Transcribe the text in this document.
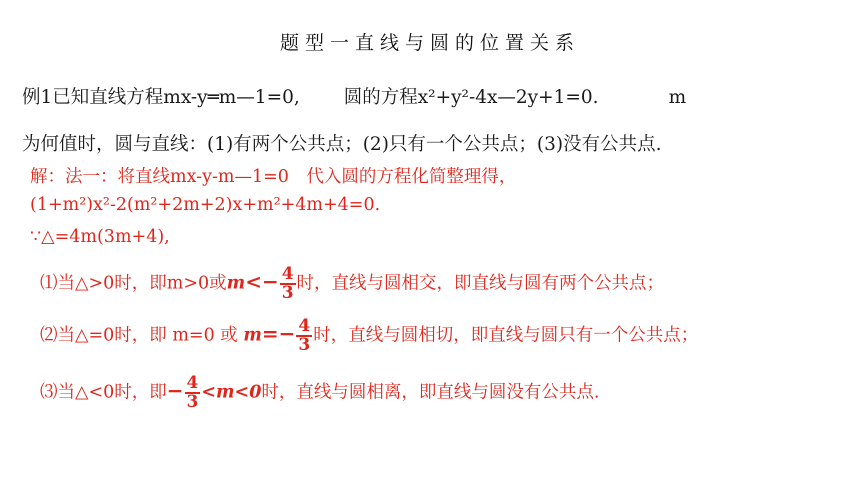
题型一直线与圆的位置关系
例1已知直线方程mx-y═m—1=0, 圆的方程x²+y²-4x—2y+1=0.	m
为何值时，圆与直线：(1)有两个公共点；(2)只有一个公共点；(3)没有公共点.
解：法一：将直线mx-y-m—1=0　代入圆的方程化简整理得，
(1+m²)x²-2(m²+2m+2)x+m²+4m+4=0.
∵△=4m(3m+4),
⑴当△>0时，即m>0或$m<- \frac{4}{3}$ 时，直线与圆相交，即直线与圆有两个公共点；
⑵当△=0时，即 m=0 或 $m=- \frac{4}{3}$ 时，直线与圆相切，即直线与圆只有一个公共点；
⑶当△<0时，即− $\frac{4}{3} <m<0$时，直线与圆相离，即直线与圆没有公共点.
